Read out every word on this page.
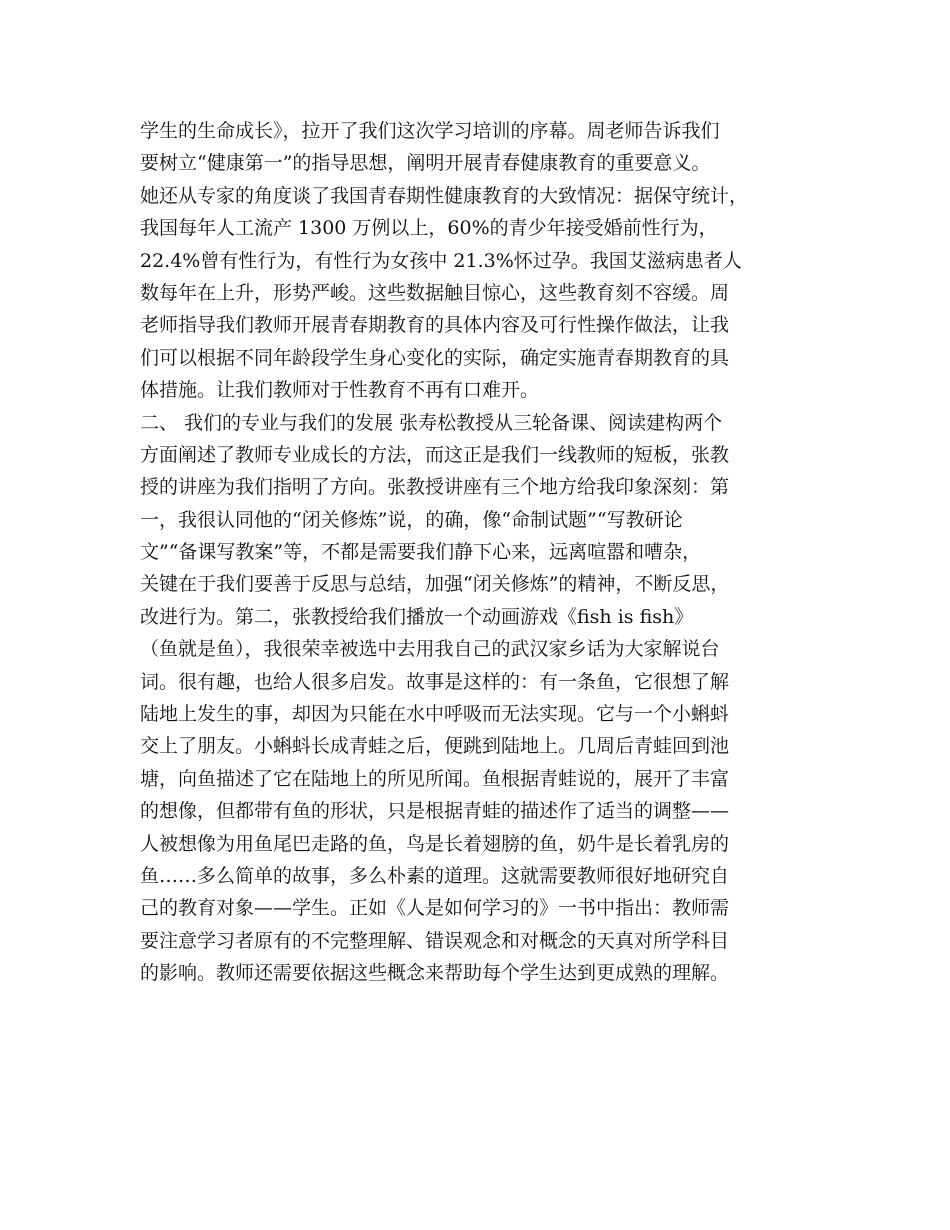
学生的生命成长》，拉开了我们这次学习培训的序幕。周老师告诉我们
要树立“健康第一”的指导思想，阐明开展青春健康教育的重要意义。
她还从专家的角度谈了我国青春期性健康教育的大致情况：据保守统计，
我国每年人工流产 1300 万例以上，60%的青少年接受婚前性行为，
22.4%曾有性行为，有性行为女孩中 21.3%怀过孕。我国艾滋病患者人
数每年在上升，形势严峻。这些数据触目惊心，这些教育刻不容缓。周
老师指导我们教师开展青春期教育的具体内容及可行性操作做法，让我
们可以根据不同年龄段学生身心变化的实际，确定实施青春期教育的具
体措施。让我们教师对于性教育不再有口难开。
二、 我们的专业与我们的发展 张寿松教授从三轮备课、阅读建构两个
方面阐述了教师专业成长的方法，而这正是我们一线教师的短板，张教
授的讲座为我们指明了方向。张教授讲座有三个地方给我印象深刻：第
一，我很认同他的“闭关修炼”说，的确，像“命制试题”“写教研论
文”“备课写教案”等，不都是需要我们静下心来，远离喧嚣和嘈杂，
关键在于我们要善于反思与总结，加强“闭关修炼”的精神，不断反思，
改进行为。第二，张教授给我们播放一个动画游戏《fish is fish》
（鱼就是鱼），我很荣幸被选中去用我自己的武汉家乡话为大家解说台
词。很有趣，也给人很多启发。故事是这样的：有一条鱼，它很想了解
陆地上发生的事，却因为只能在水中呼吸而无法实现。它与一个小蝌蚪
交上了朋友。小蝌蚪长成青蛙之后，便跳到陆地上。几周后青蛙回到池
塘，向鱼描述了它在陆地上的所见所闻。鱼根据青蛙说的，展开了丰富
的想像，但都带有鱼的形状，只是根据青蛙的描述作了适当的调整——
人被想像为用鱼尾巴走路的鱼，鸟是长着翅膀的鱼，奶牛是长着乳房的
鱼……多么简单的故事，多么朴素的道理。这就需要教师很好地研究自
己的教育对象——学生。正如《人是如何学习的》一书中指出：教师需
要注意学习者原有的不完整理解、错误观念和对概念的天真对所学科目
的影响。教师还需要依据这些概念来帮助每个学生达到更成熟的理解。
